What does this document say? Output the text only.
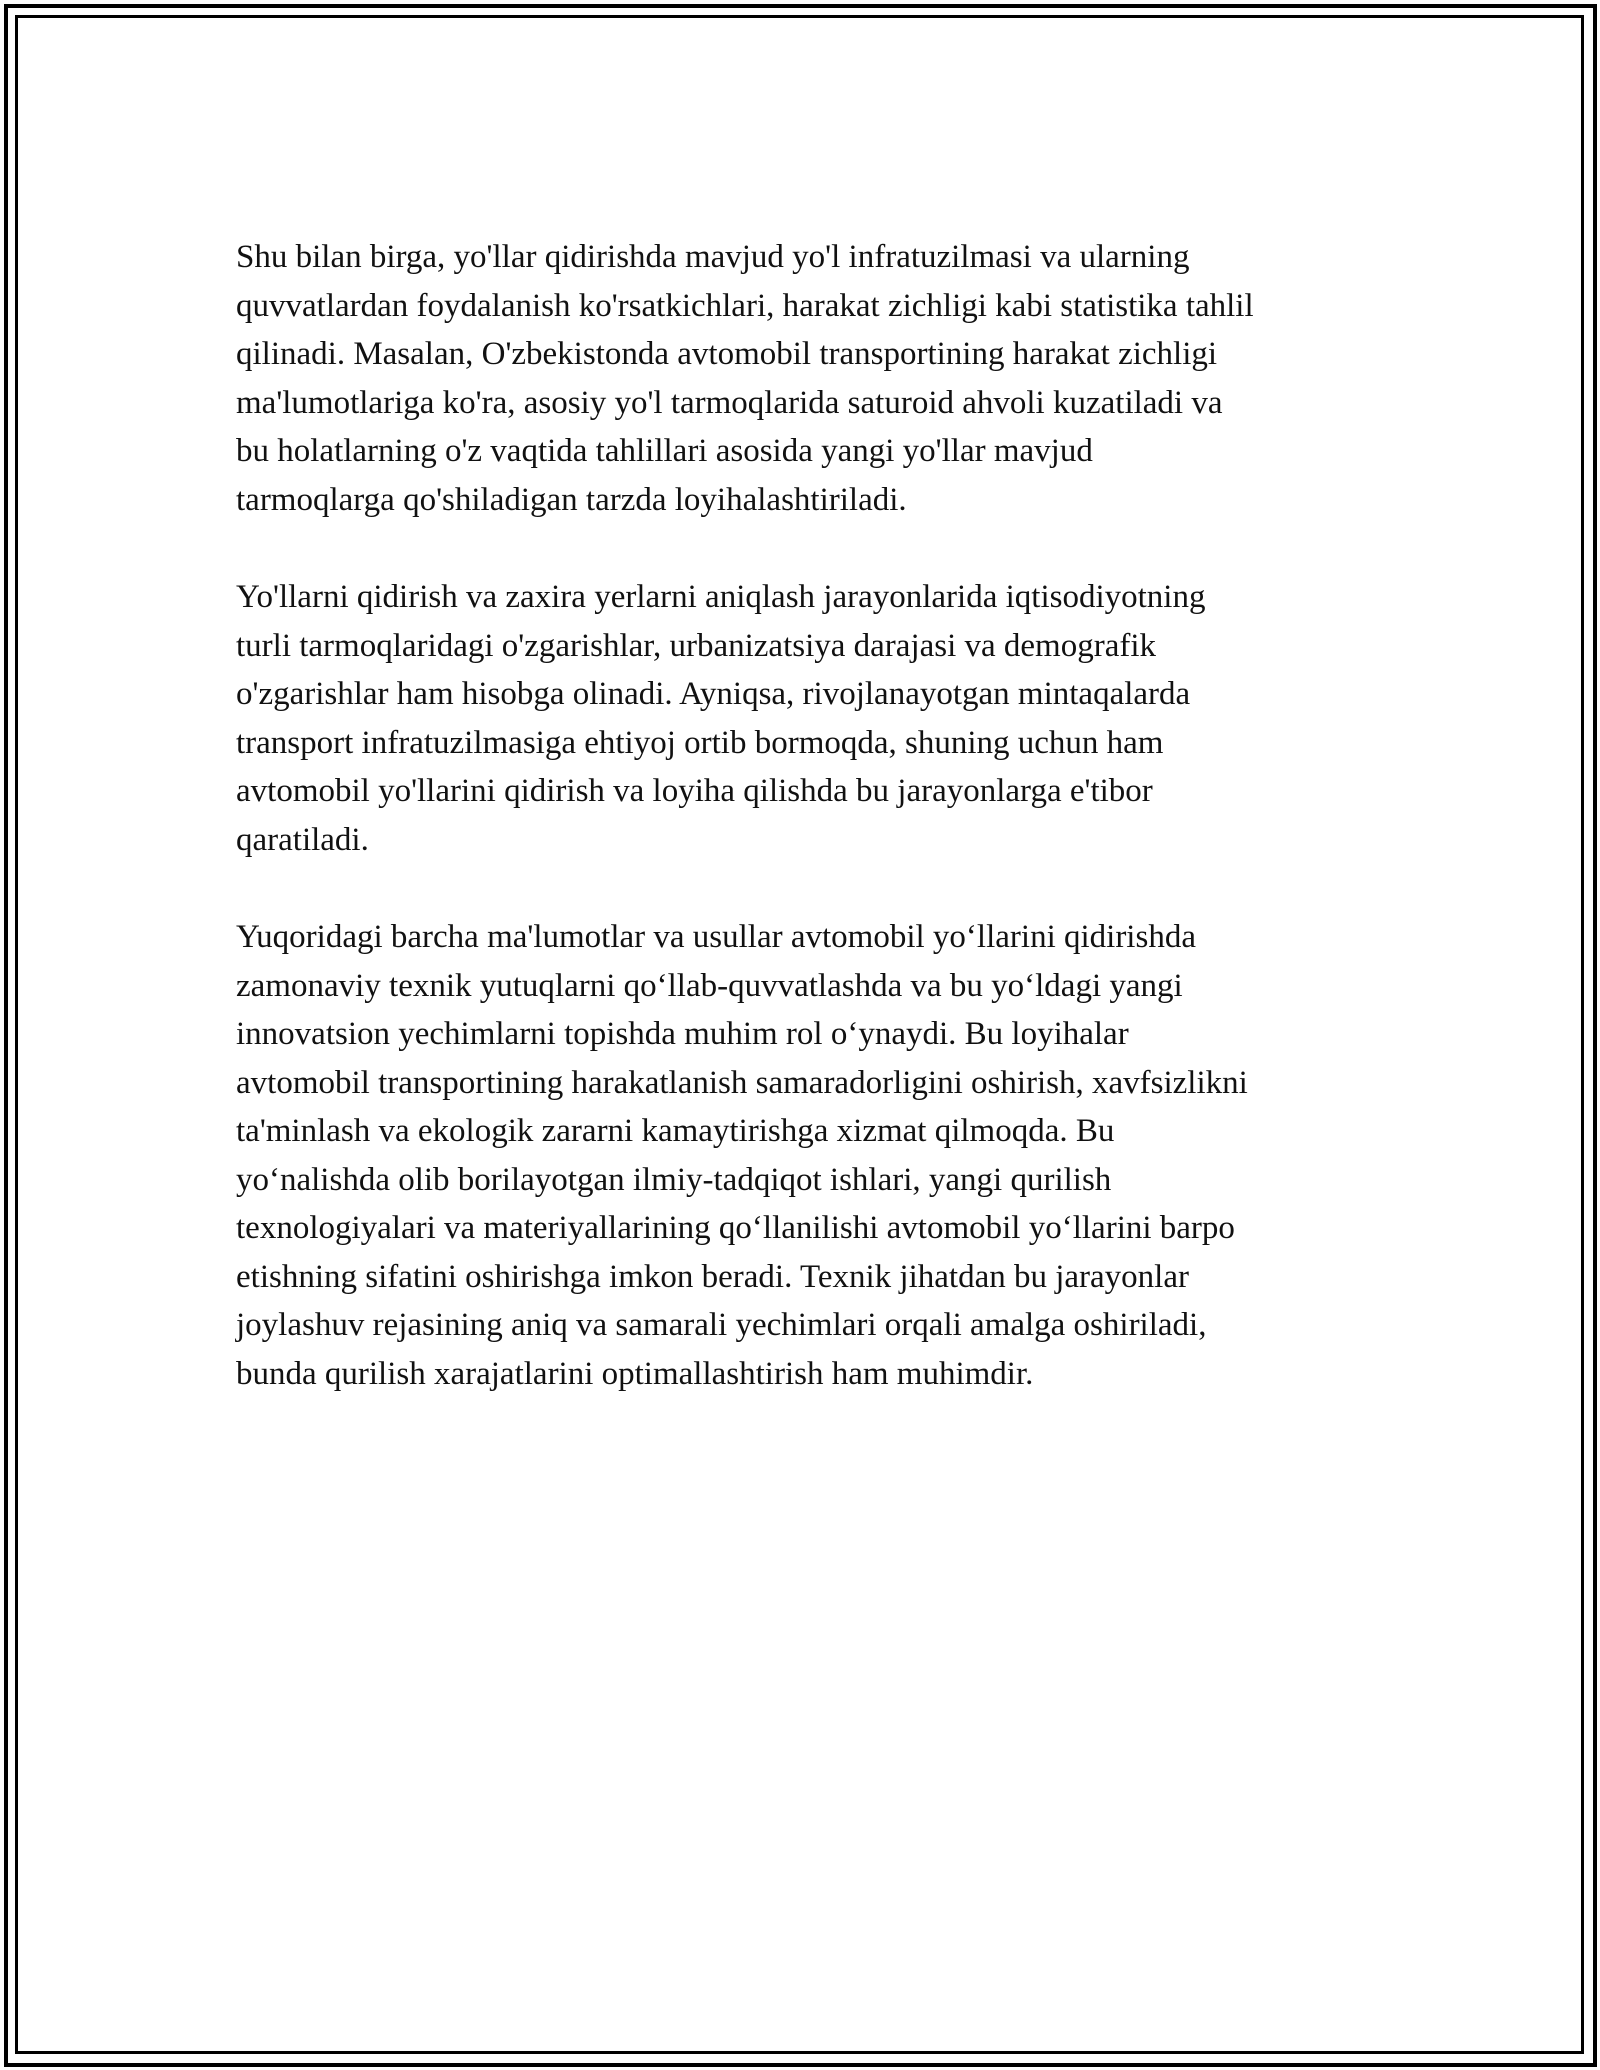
Shu bilan birga, yo'llar qidirishda mavjud yo'l infratuzilmasi va ularning
quvvatlardan foydalanish ko'rsatkichlari, harakat zichligi kabi statistika tahlil
qilinadi. Masalan, O'zbekistonda avtomobil transportining harakat zichligi
ma'lumotlariga ko'ra, asosiy yo'l tarmoqlarida saturoid ahvoli kuzatiladi va
bu holatlarning o'z vaqtida tahlillari asosida yangi yo'llar mavjud
tarmoqlarga qo'shiladigan tarzda loyihalashtiriladi.

Yo'llarni qidirish va zaxira yerlarni aniqlash jarayonlarida iqtisodiyotning
turli tarmoqlaridagi o'zgarishlar, urbanizatsiya darajasi va demografik
o'zgarishlar ham hisobga olinadi. Ayniqsa, rivojlanayotgan mintaqalarda
transport infratuzilmasiga ehtiyoj ortib bormoqda, shuning uchun ham
avtomobil yo'llarini qidirish va loyiha qilishda bu jarayonlarga e'tibor
qaratiladi.

Yuqoridagi barcha ma'lumotlar va usullar avtomobil yo‘llarini qidirishda
zamonaviy texnik yutuqlarni qo‘llab-quvvatlashda va bu yo‘ldagi yangi
innovatsion yechimlarni topishda muhim rol o‘ynaydi. Bu loyihalar
avtomobil transportining harakatlanish samaradorligini oshirish, xavfsizlikni
ta'minlash va ekologik zararni kamaytirishga xizmat qilmoqda. Bu
yo‘nalishda olib borilayotgan ilmiy-tadqiqot ishlari, yangi qurilish
texnologiyalari va materiyallarining qo‘llanilishi avtomobil yo‘llarini barpo
etishning sifatini oshirishga imkon beradi. Texnik jihatdan bu jarayonlar
joylashuv rejasining aniq va samarali yechimlari orqali amalga oshiriladi,
bunda qurilish xarajatlarini optimallashtirish ham muhimdir.
